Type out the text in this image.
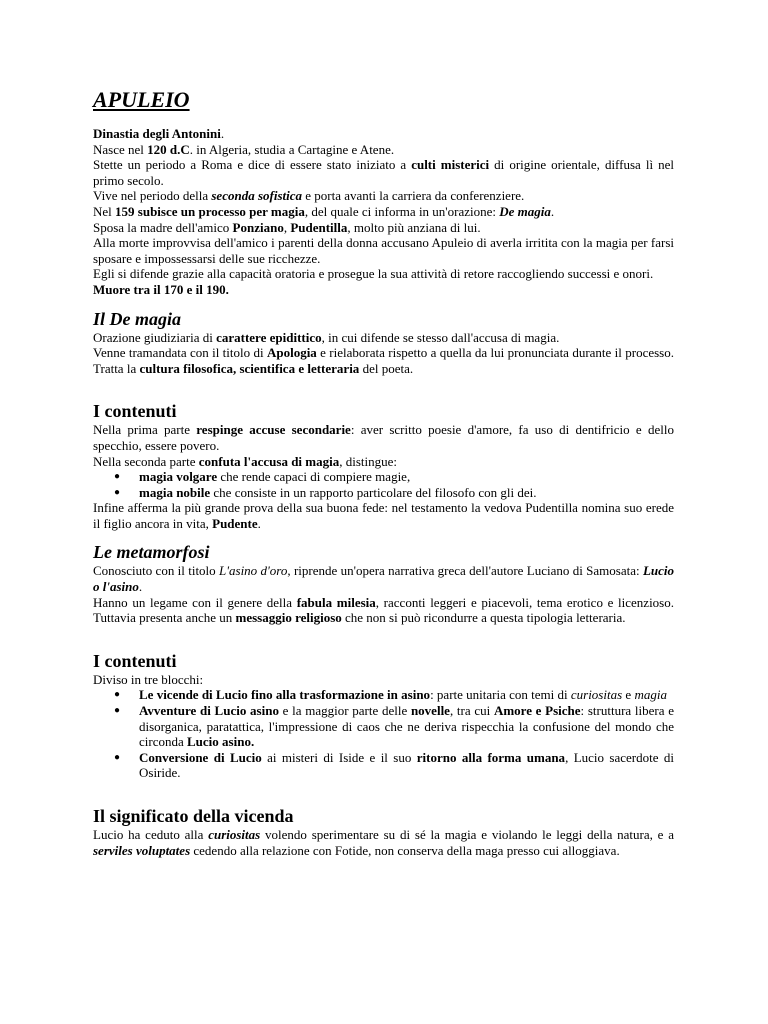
APULEIO

Dinastia degli Antonini.

Nasce nel 120 d.C. in Algeria, studia a Cartagine e Atene.

Stette un periodo a Roma e dice di essere stato iniziato a culti misterici di origine orientale, diffusa lì nel primo secolo.

Vive nel periodo della seconda sofistica e porta avanti la carriera da conferenziere.

Nel 159 subisce un processo per magia, del quale ci informa in un'orazione: De magia.

Sposa la madre dell'amico Ponziano, Pudentilla, molto più anziana di lui.

Alla morte improvvisa dell'amico i parenti della donna accusano Apuleio di averla irritita con la magia per farsi sposare e impossessarsi delle sue ricchezze.

Egli si difende grazie alla capacità oratoria e prosegue la sua attività di retore raccogliendo successi e onori.

Muore tra il 170 e il 190.

Il De magia

Orazione giudiziaria di carattere epidittico, in cui difende se stesso dall'accusa di magia.

Venne tramandata con il titolo di Apologia e rielaborata rispetto a quella da lui pronunciata durante il processo. Tratta la cultura filosofica, scientifica e letteraria del poeta.

I contenuti

Nella prima parte respinge accuse secondarie: aver scritto poesie d'amore, fa uso di dentifricio e dello specchio, essere povero.

Nella seconda parte confuta l'accusa di magia, distingue:

● magia volgare che rende capaci di compiere magie,
● magia nobile che consiste in un rapporto particolare del filosofo con gli dei.

Infine afferma la più grande prova della sua buona fede: nel testamento la vedova Pudentilla nomina suo erede il figlio ancora in vita, Pudente.

Le metamorfosi

Conosciuto con il titolo L'asino d'oro, riprende un'opera narrativa greca dell'autore Luciano di Samosata: Lucio o l'asino.

Hanno un legame con il genere della fabula milesia, racconti leggeri e piacevoli, tema erotico e licenzioso. Tuttavia presenta anche un messaggio religioso che non si può ricondurre a questa tipologia letteraria.

I contenuti

Diviso in tre blocchi:

● Le vicende di Lucio fino alla trasformazione in asino: parte unitaria con temi di curiositas e magia
● Avventure di Lucio asino e la maggior parte delle novelle, tra cui Amore e Psiche: struttura libera e disorganica, paratattica, l'impressione di caos che ne deriva rispecchia la confusione del mondo che circonda Lucio asino.
● Conversione di Lucio ai misteri di Iside e il suo ritorno alla forma umana, Lucio sacerdote di Osiride.
Il significato della vicenda

Lucio ha ceduto alla curiositas volendo sperimentare su di sé la magia e violando le leggi della natura, e a serviles voluptates cedendo alla relazione con Fotide, non conserva della maga presso cui alloggiava.
